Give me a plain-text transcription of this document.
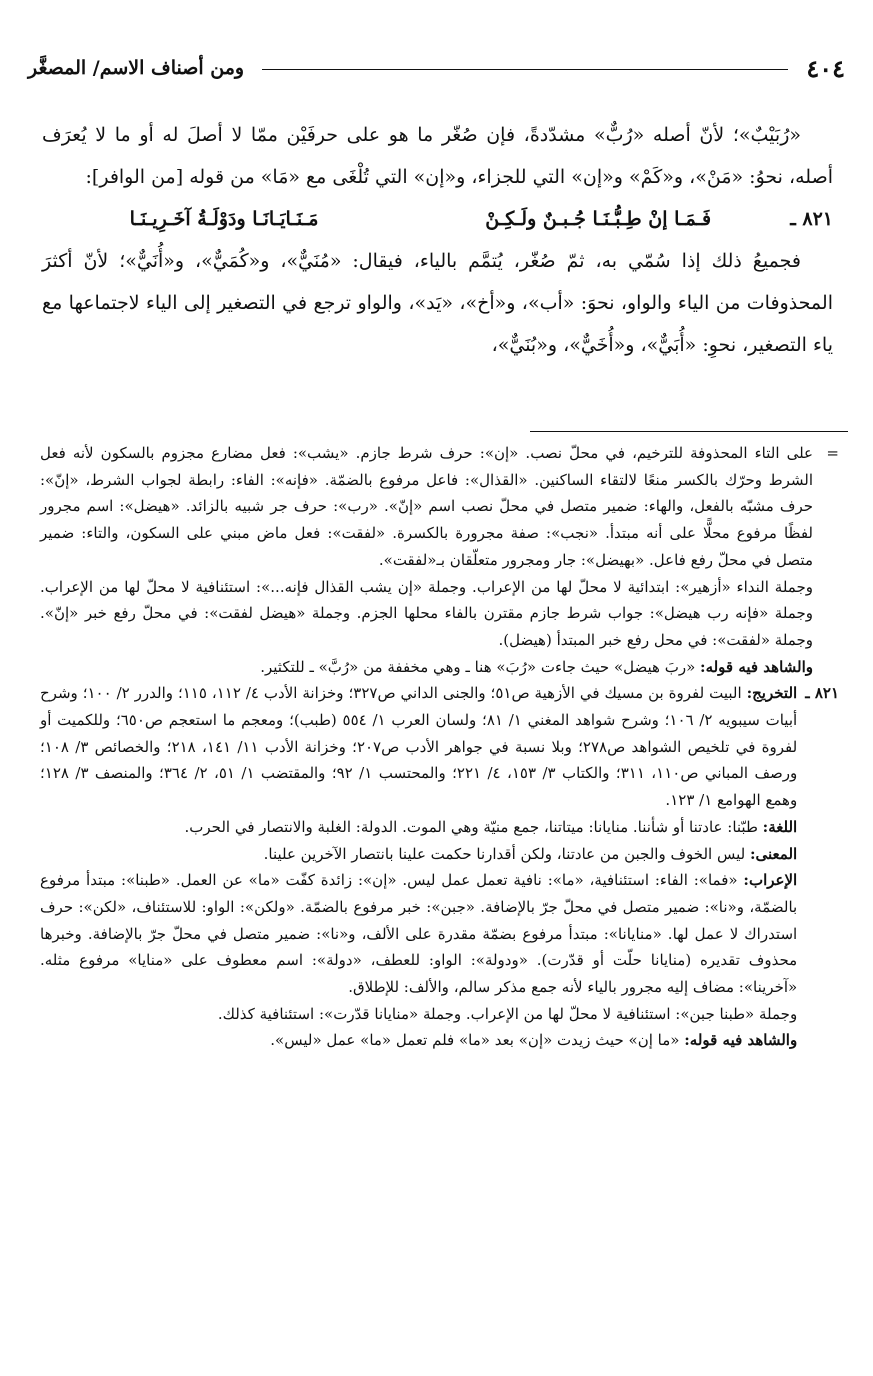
٤٠٤
ومن أصناف الاسم/ المصغَّر

«رُبَيْبٌ»؛ لأنّ أصله «رُبٌّ» مشدّدةً، فإن صُغّر ما هو على حرفَيْن ممّا لا أصلَ له أو ما لا يُعرَف أصله، نحوُ: «مَنْ»، و«كَمْ» و«إن» التي للجزاء، و«إن» التي تُلْغَى مع «مَا» من قوله [من الوافر]:

٨٢١ ـ
فَـمَـا إنْ طِـبُّـنَـا جُـبـنٌ ولَـكِـنْ
مَـنَـايَـانَـا ودَوْلَـةُ آخَـرِيـنَـا

فجميعُ ذلك إذا سُمّي به، ثمّ صُغّر، يُتمَّم بالياء، فيقال: «مُنَيٌّ»، و«كُمَيٌّ»، و«أُنَيٌّ»؛ لأنّ أكثرَ المحذوفات من الياء والواو، نحوَ: «أب»، و«أخ»، «يَد»، والواو ترجع في التصغير إلى الياء لاجتماعها مع ياء التصغير، نحوِ: «أُبَيٌّ»، و«أُخَيٌّ»، و«بُنَيٌّ»،

=

على التاء المحذوفة للترخيم، في محلّ نصب. «إن»: حرف شرط جازم. «يشب»: فعل مضارع مجزوم بالسكون لأنه فعل الشرط وحرّك بالكسر منعًا لالتقاء الساكنين. «القذال»: فاعل مرفوع بالضمّة. «فإنه»: الفاء: رابطة لجواب الشرط، «إنّ»: حرف مشبّه بالفعل، والهاء: ضمير متصل في محلّ نصب اسم «إنّ». «رب»: حرف جر شبيه بالزائد. «هيضل»: اسم مجرور لفظًا مرفوع محلًّا على أنه مبتدأ. «نجب»: صفة مجرورة بالكسرة. «لفقت»: فعل ماض مبني على السكون، والتاء: ضمير متصل في محلّ رفع فاعل. «بهيضل»: جار ومجرور متعلّقان بـ«لفقت».

وجملة النداء «أزهير»: ابتدائية لا محلّ لها من الإعراب. وجملة «إن يشب القذال فإنه...»: استئنافية لا محلّ لها من الإعراب. وجملة «فإنه رب هيضل»: جواب شرط جازم مقترن بالفاء محلها الجزم. وجملة «هيضل لفقت»: في محلّ رفع خبر «إنّ». وجملة «لفقت»: في محل رفع خبر المبتدأ (هيضل).

والشاهد فيه قوله: «ربَ هيضل» حيث جاءت «رُبَ» هنا ـ وهي مخففة من «رُبَّ» ـ للتكثير.

٨٢١ ـ

التخريج: البيت لفروة بن مسيك في الأزهية ص٥١؛ والجنى الداني ص٣٢٧؛ وخزانة الأدب ٤/ ١١٢، ١١٥؛ والدرر ٢/ ١٠٠؛ وشرح أبيات سيبويه ٢/ ١٠٦؛ وشرح شواهد المغني ١/ ٨١؛ ولسان العرب ١/ ٥٥٤ (طبب)؛ ومعجم ما استعجم ص٦٥٠؛ وللكميت أو لفروة في تلخيص الشواهد ص٢٧٨؛ وبلا نسبة في جواهر الأدب ص٢٠٧؛ وخزانة الأدب ١١/ ١٤١، ٢١٨؛ والخصائص ٣/ ١٠٨؛ ورصف المباني ص١١٠، ٣١١؛ والكتاب ٣/ ١٥٣، ٤/ ٢٢١؛ والمحتسب ١/ ٩٢؛ والمقتضب ١/ ٥١، ٢/ ٣٦٤؛ والمنصف ٣/ ١٢٨؛ وهمع الهوامع ١/ ١٢٣.

اللغة: طبّنا: عادتنا أو شأننا. منايانا: ميتاتنا، جمع منيّة وهي الموت. الدولة: الغلبة والانتصار في الحرب.

المعنى: ليس الخوف والجبن من عادتنا، ولكن أقدارنا حكمت علينا بانتصار الآخرين علينا.

الإعراب: «فما»: الفاء: استئنافية، «ما»: نافية تعمل عمل ليس. «إن»: زائدة كفّت «ما» عن العمل. «طبنا»: مبتدأ مرفوع بالضمّة، و«نا»: ضمير متصل في محلّ جرّ بالإضافة. «جبن»: خبر مرفوع بالضمّة. «ولكن»: الواو: للاستئناف، «لكن»: حرف استدراك لا عمل لها. «منايانا»: مبتدأ مرفوع بضمّة مقدرة على الألف، و«نا»: ضمير متصل في محلّ جرّ بالإضافة. وخبرها محذوف تقديره (منايانا حلّت أو قدّرت). «ودولة»: الواو: للعطف، «دولة»: اسم معطوف على «منايا» مرفوع مثله. «آخرينا»: مضاف إليه مجرور بالياء لأنه جمع مذكر سالم، والألف: للإطلاق.

وجملة «طبنا جبن»: استئنافية لا محلّ لها من الإعراب. وجملة «منايانا قدّرت»: استئنافية كذلك.

والشاهد فيه قوله: «ما إن» حيث زيدت «إن» بعد «ما» فلم تعمل «ما» عمل «ليس».
